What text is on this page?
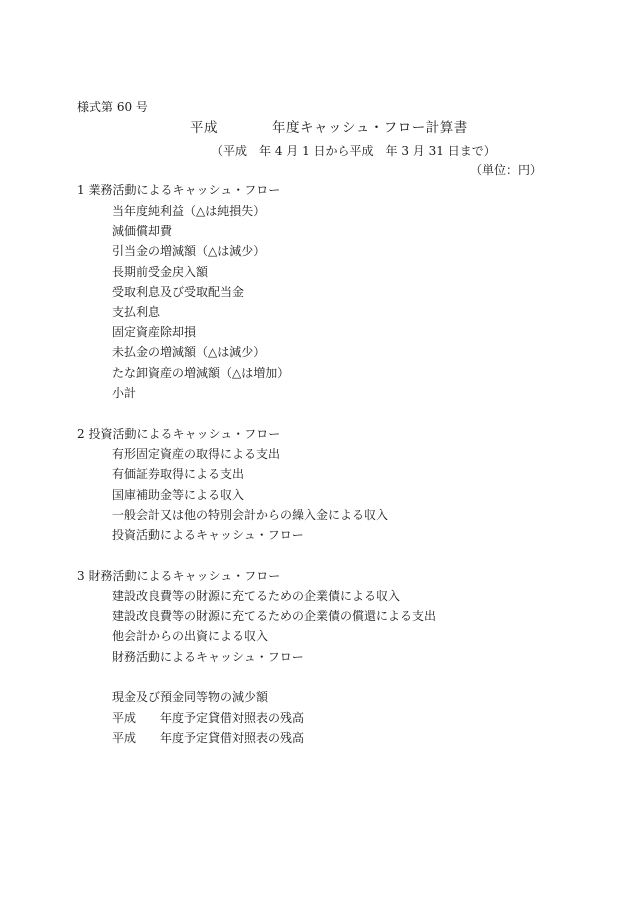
様式第 60 号
平成	年度キャッシュ・フロー計算書
（平成　年 4 月 1 日から平成　年 3 月 31 日まで）
（単位：円）
1 業務活動によるキャッシュ・フロー
当年度純利益（△は純損失）
減価償却費
引当金の増減額（△は減少）
長期前受金戻入額
受取利息及び受取配当金
支払利息
固定資産除却損
未払金の増減額（△は減少）
たな卸資産の増減額（△は増加）
小計
2 投資活動によるキャッシュ・フロー
有形固定資産の取得による支出
有価証券取得による支出
国庫補助金等による収入
一般会計又は他の特別会計からの繰入金による収入
投資活動によるキャッシュ・フロー
3 財務活動によるキャッシュ・フロー
建設改良費等の財源に充てるための企業債による収入
建設改良費等の財源に充てるための企業債の償還による支出
他会計からの出資による収入
財務活動によるキャッシュ・フロー
現金及び預金同等物の減少額
平成　　年度予定貸借対照表の残高
平成　　年度予定貸借対照表の残高
